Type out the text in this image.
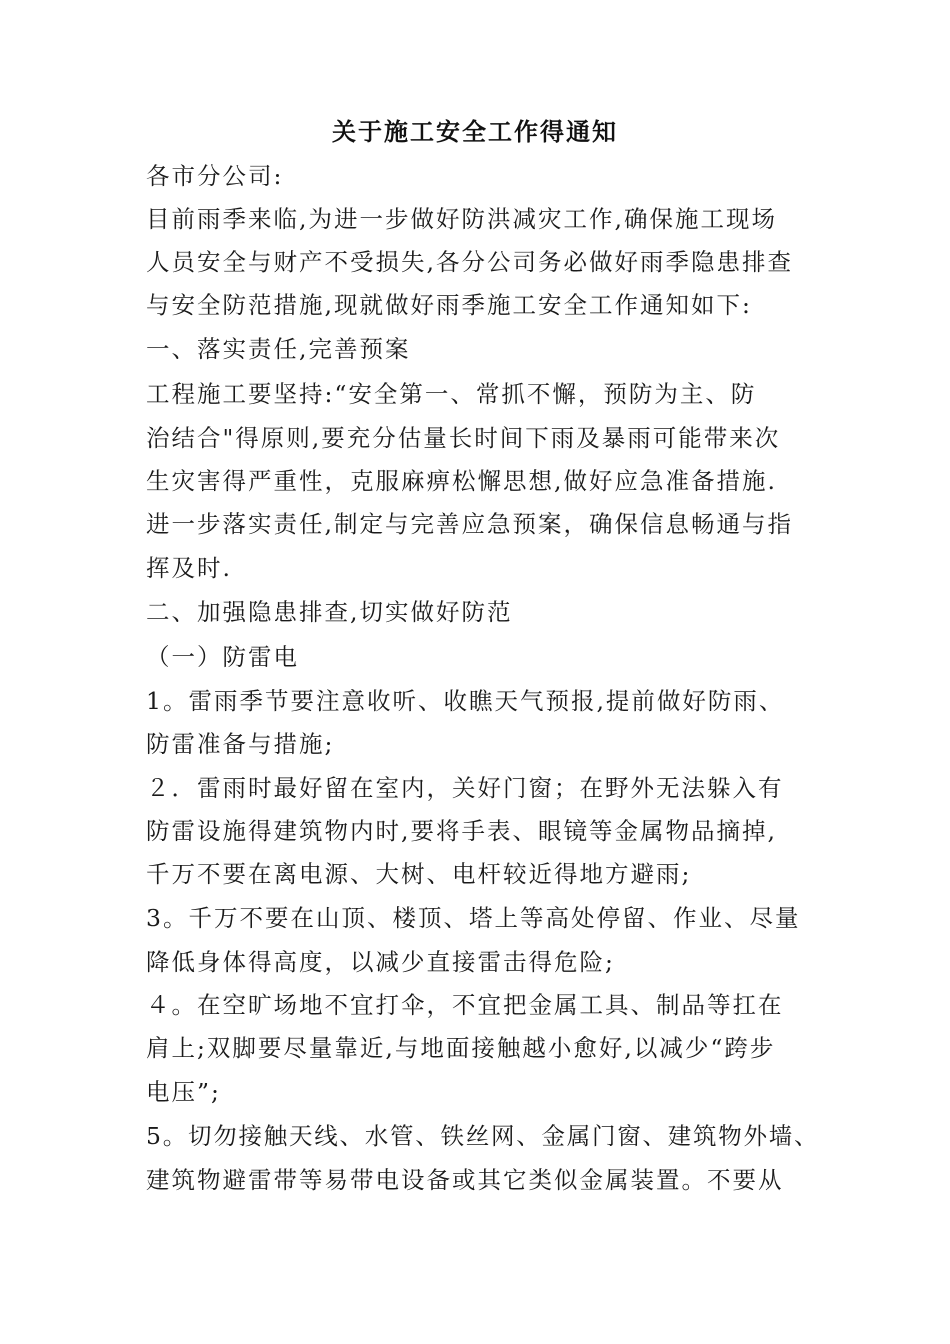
关于施工安全工作得通知

各市分公司:

目前雨季来临,为进一步做好防洪减灾工作,确保施工现场

人员安全与财产不受损失,各分公司务必做好雨季隐患排查

与安全防范措施,现就做好雨季施工安全工作通知如下:

一、落实责任,完善预案

工程施工要坚持:“安全第一、常抓不懈，预防为主、防

治结合"得原则,要充分估量长时间下雨及暴雨可能带来次

生灾害得严重性，克服麻痹松懈思想,做好应急准备措施.

进一步落实责任,制定与完善应急预案，确保信息畅通与指

挥及时.

二、加强隐患排查,切实做好防范

（一）防雷电

1。雷雨季节要注意收听、收瞧天气预报,提前做好防雨、

防雷准备与措施;

２．雷雨时最好留在室内，关好门窗；在野外无法躲入有

防雷设施得建筑物内时,要将手表、眼镜等金属物品摘掉,

千万不要在离电源、大树、电杆较近得地方避雨;

3。千万不要在山顶、楼顶、塔上等高处停留、作业、尽量

降低身体得高度，以减少直接雷击得危险;

４。在空旷场地不宜打伞，不宜把金属工具、制品等扛在

肩上;双脚要尽量靠近,与地面接触越小愈好,以减少“跨步

电压”;

5。切勿接触天线、水管、铁丝网、金属门窗、建筑物外墙、

建筑物避雷带等易带电设备或其它类似金属装置。不要从
